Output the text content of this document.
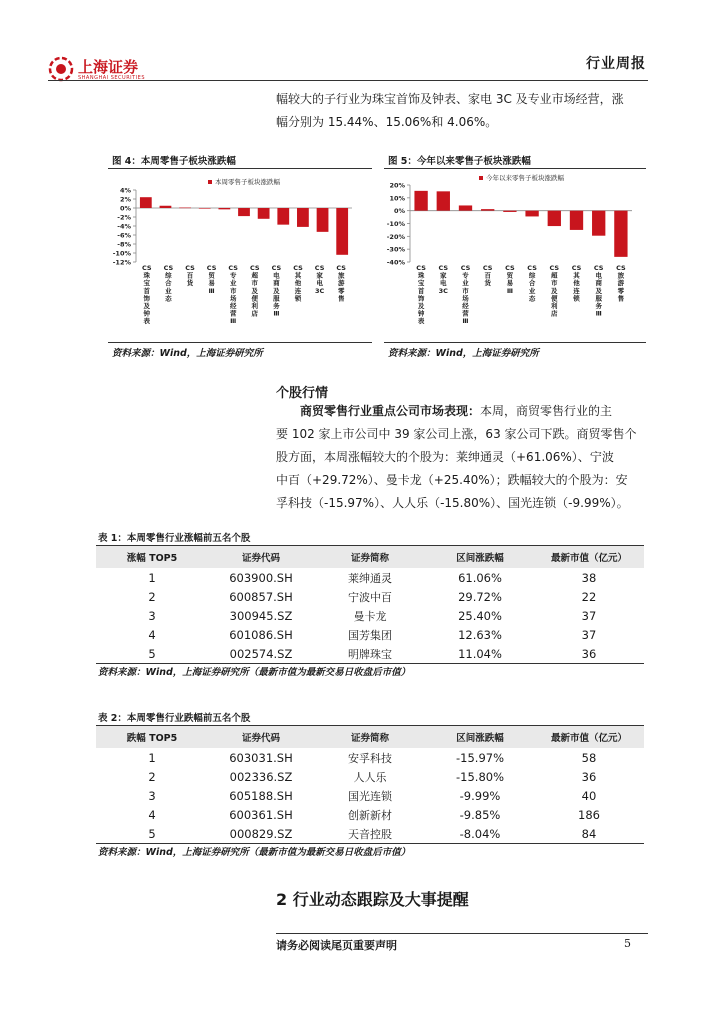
上海证券
SHANGHAI SECURITIES
行业周报
幅较大的子行业为珠宝首饰及钟表、家电 3C 及专业市场经营，涨
幅分别为 15.44%、15.06%和 4.06%。
图 4：本周零售子板块涨跌幅
4%
2%
0%
-2%
-4%
-6%
-8%
-10%
-12%
CS 珠宝首饰及钟表
CS 综合业态
CS 百货
CS 贸易 Ⅲ
CS 专业市场经营 Ⅲ
CS 超市及便利店
CS 电商及服务 Ⅲ
CS 其他连锁
CS 家电 3C
CS 旅游零售
本周零售子板块涨跌幅
资料来源：Wind，上海证券研究所
图 5：今年以来零售子板块涨跌幅
20%
10%
0%
-10%
-20%
-30%
-40%
CS 珠宝首饰及钟表
CS 家电 3C
CS 专业市场经营 Ⅲ
CS 百货
CS 贸易 Ⅲ
CS 综合业态
CS 超市及便利店
CS 其他连锁
CS 电商及服务 Ⅲ
CS 旅游零售
今年以来零售子板块涨跌幅
资料来源：Wind，上海证券研究所
个股行情
商贸零售行业重点公司市场表现：本周，商贸零售行业的主
要 102 家上市公司中 39 家公司上涨，63 家公司下跌。商贸零售个
股方面，本周涨幅较大的个股为：莱绅通灵（+61.06%）、宁波
中百（+29.72%）、曼卡龙（+25.40%）；跌幅较大的个股为：安
孚科技（-15.97%）、人人乐（-15.80%）、国光连锁（-9.99%）。
表 1：本周零售行业涨幅前五名个股
涨幅 TOP5	证券代码	证券简称	区间涨跌幅	最新市值（亿元）
1	603900.SH	莱绅通灵	61.06%	38
2	600857.SH	宁波中百	29.72%	22
3	300945.SZ	曼卡龙	25.40%	37
4	601086.SH	国芳集团	12.63%	37
5	002574.SZ	明牌珠宝	11.04%	36
资料来源：Wind，上海证券研究所（最新市值为最新交易日收盘后市值）
表 2：本周零售行业跌幅前五名个股
跌幅 TOP5	证券代码	证券简称	区间涨跌幅	最新市值（亿元）
1	603031.SH	安孚科技	-15.97%	58
2	002336.SZ	人人乐	-15.80%	36
3	605188.SH	国光连锁	-9.99%	40
4	600361.SH	创新新材	-9.85%	186
5	000829.SZ	天音控股	-8.04%	84
资料来源：Wind，上海证券研究所（最新市值为最新交易日收盘后市值）
2 行业动态跟踪及大事提醒
请务必阅读尾页重要声明	5
